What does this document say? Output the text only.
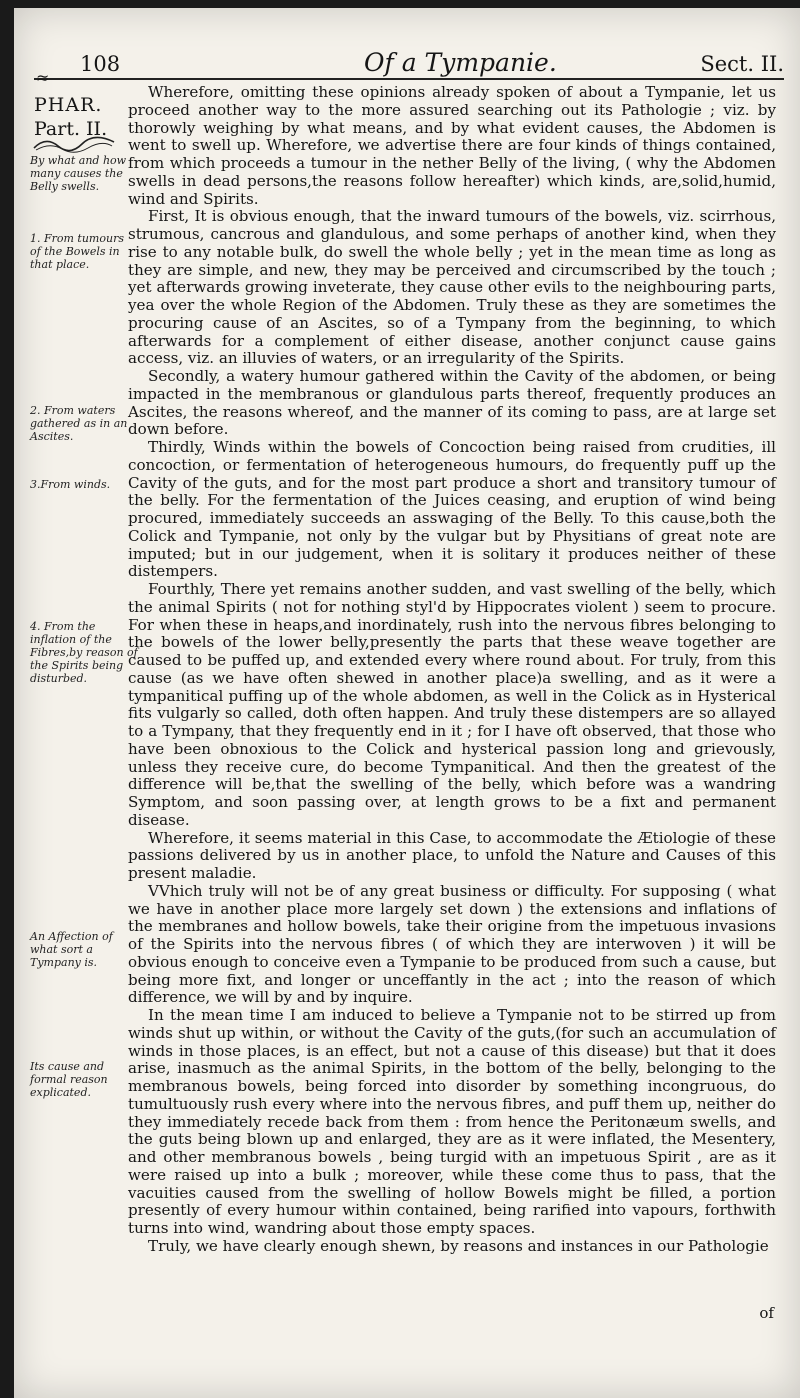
108	Of a Tympanie.	Sect. II.
≈
PHAR.
Part. II.
By what and how many causes the Belly swells.
1. From tumours of the Bowels in that place.
2. From waters gathered as in an Ascites.
3.From winds.
4. From the inflation of the Fibres,by reason of the Spirits being disturbed.
An Affection of what sort a Tympany is.
Its cause and formal reason explicated.

Wherefore, omitting these opinions already spoken of about a Tympanie, let us proceed another way to the more assured searching out its Pathologie ; viz. by thorowly weighing by what means, and by what evident causes, the Abdomen is went to swell up. Wherefore, we advertise there are four kinds of things contained, from which proceeds a tumour in the nether Belly of the living, ( why the Abdomen swells in dead persons,the reasons follow hereafter) which kinds, are,solid,humid, wind and Spirits.

First, It is obvious enough, that the inward tumours of the bowels, viz. scirrhous, strumous, cancrous and glandulous, and some perhaps of another kind, when they rise to any notable bulk, do swell the whole belly ; yet in the mean time as long as they are simple, and new, they may be perceived and circumscribed by the touch ; yet afterwards growing inveterate, they cause other evils to the neighbouring parts, yea over the whole Region of the Abdomen. Truly these as they are sometimes the procuring cause of an Ascites, so of a Tympany from the beginning, to which afterwards for a complement of either disease, another conjunct cause gains access, viz. an illuvies of waters, or an irregularity of the Spirits.

Secondly, a watery humour gathered within the Cavity of the abdomen, or being impacted in the membranous or glandulous parts thereof, frequently produces an Ascites, the reasons whereof, and the manner of its coming to pass, are at large set down before.

Thirdly, Winds within the bowels of Concoction being raised from crudities, ill concoction, or fermentation of heterogeneous humours, do frequently puff up the Cavity of the guts, and for the most part produce a short and transitory tumour of the belly. For the fermentation of the Juices ceasing, and eruption of wind being procured, immediately succeeds an asswaging of the Belly. To this cause,both the Colick and Tympanie, not only by the vulgar but by Physitians of great note are imputed; but in our judgement, when it is solitary it produces neither of these distempers.

Fourthly, There yet remains another sudden, and vast swelling of the belly, which the animal Spirits ( not for nothing styl'd by Hippocrates violent ) seem to procure. For when these in heaps,and inordinately, rush into the nervous fibres belonging to the bowels of the lower belly,presently the parts that these weave together are caused to be puffed up, and extended every where round about. For truly, from this cause (as we have often shewed in another place)a swelling, and as it were a tympanitical puffing up of the whole abdomen, as well in the Colick as in Hysterical fits vulgarly so called, doth often happen. And truly these distempers are so allayed to a Tympany, that they frequently end in it ; for I have oft observed, that those who have been obnoxious to the Colick and hysterical passion long and grievously, unless they receive cure, do become Tympanitical. And then the greatest of the difference will be,that the swelling of the belly, which before was a wandring Symptom, and soon passing over, at length grows to be a fixt and permanent disease.

Wherefore, it seems material in this Case, to accommodate the Ætiologie of these passions delivered by us in another place, to unfold the Nature and Causes of this present maladie.

VVhich truly will not be of any great business or difficulty. For supposing ( what we have in another place more largely set down ) the extensions and inflations of the membranes and hollow bowels, take their origine from the impetuous invasions of the Spirits into the nervous fibres ( of which they are interwoven ) it will be obvious enough to conceive even a Tympanie to be produced from such a cause, but being more fixt, and longer or unceffantly in the act ; into the reason of which difference, we will by and by inquire.

In the mean time I am induced to believe a Tympanie not to be stirred up from winds shut up within, or without the Cavity of the guts,(for such an accumulation of winds in those places, is an effect, but not a cause of this disease) but that it does arise, inasmuch as the animal Spirits, in the bottom of the belly, belonging to the membranous bowels, being forced into disorder by something incongruous, do tumultuously rush every where into the nervous fibres, and puff them up, neither do they immediately recede back from them : from hence the Peritonæum swells, and the guts being blown up and enlarged, they are as it were inflated, the Mesentery, and other membranous bowels , being turgid with an impetuous Spirit , are as it were raised up into a bulk ; moreover, while these come thus to pass, that the vacuities caused from the swelling of hollow Bowels might be filled, a portion presently of every humour within contained, being rarified into vapours, forthwith turns into wind, wandring about those empty spaces.

Truly, we have clearly enough shewn, by reasons and instances in our Pathologie

of
